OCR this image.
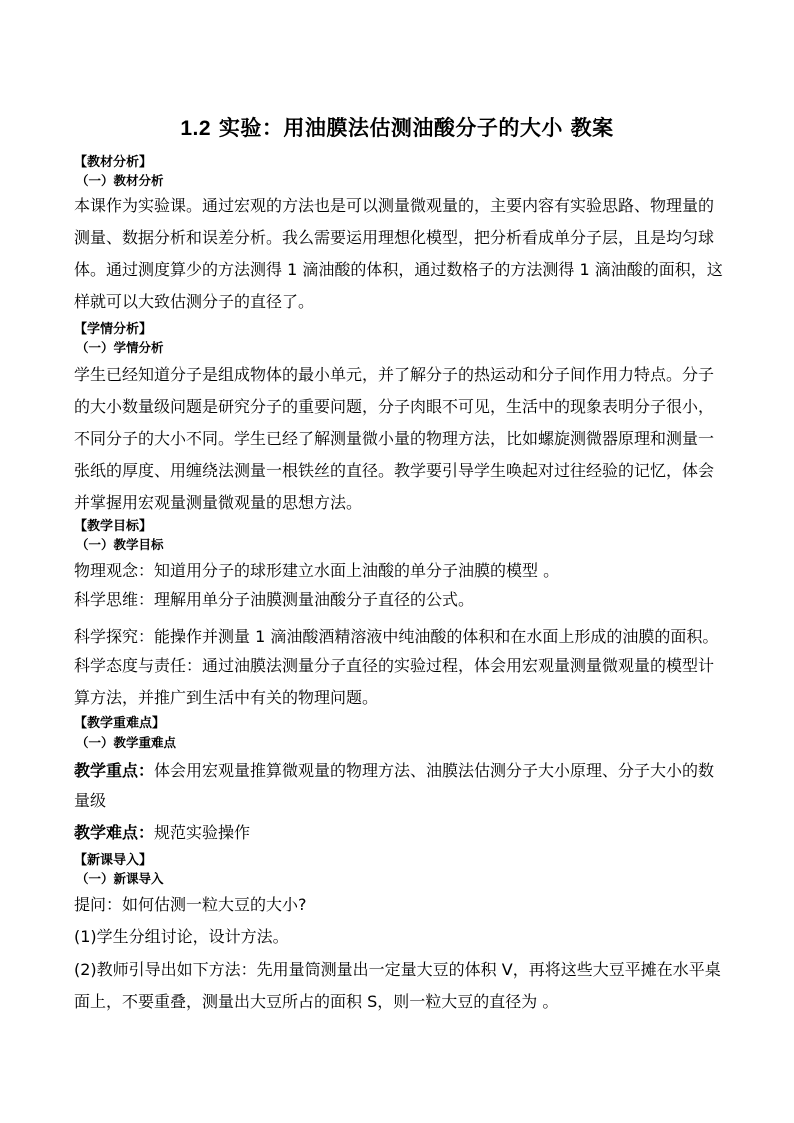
1.2 实验：用油膜法估测油酸分子的大小 教案
【教材分析】
（一）教材分析
本课作为实验课。通过宏观的方法也是可以测量微观量的，主要内容有实验思路、物理量的
测量、数据分析和误差分析。我么需要运用理想化模型，把分析看成单分子层，且是均匀球
体。通过测度算少的方法测得 1 滴油酸的体积，通过数格子的方法测得 1 滴油酸的面积，这
样就可以大致估测分子的直径了。
【学情分析】
（一）学情分析
学生已经知道分子是组成物体的最小单元，并了解分子的热运动和分子间作用力特点。分子
的大小数量级问题是研究分子的重要问题，分子肉眼不可见，生活中的现象表明分子很小，
不同分子的大小不同。学生已经了解测量微小量的物理方法，比如螺旋测微器原理和测量一
张纸的厚度、用缠绕法测量一根铁丝的直径。教学要引导学生唤起对过往经验的记忆，体会
并掌握用宏观量测量微观量的思想方法。
【教学目标】
（一）教学目标
物理观念：知道用分子的球形建立水面上油酸的单分子油膜的模型 。
科学思维：理解用单分子油膜测量油酸分子直径的公式。
科学探究：能操作并测量 1 滴油酸酒精溶液中纯油酸的体积和在水面上形成的油膜的面积。
科学态度与责任：通过油膜法测量分子直径的实验过程，体会用宏观量测量微观量的模型计
算方法，并推广到生活中有关的物理问题。
【教学重难点】
（一）教学重难点
教学重点：体会用宏观量推算微观量的物理方法、油膜法估测分子大小原理、分子大小的数
量级
教学难点：规范实验操作
【新课导入】
（一）新课导入
提问：如何估测一粒大豆的大小?
(1)学生分组讨论，设计方法。
(2)教师引导出如下方法：先用量筒测量出一定量大豆的体积 V，再将这些大豆平摊在水平桌
面上，不要重叠，测量出大豆所占的面积 S，则一粒大豆的直径为 。
